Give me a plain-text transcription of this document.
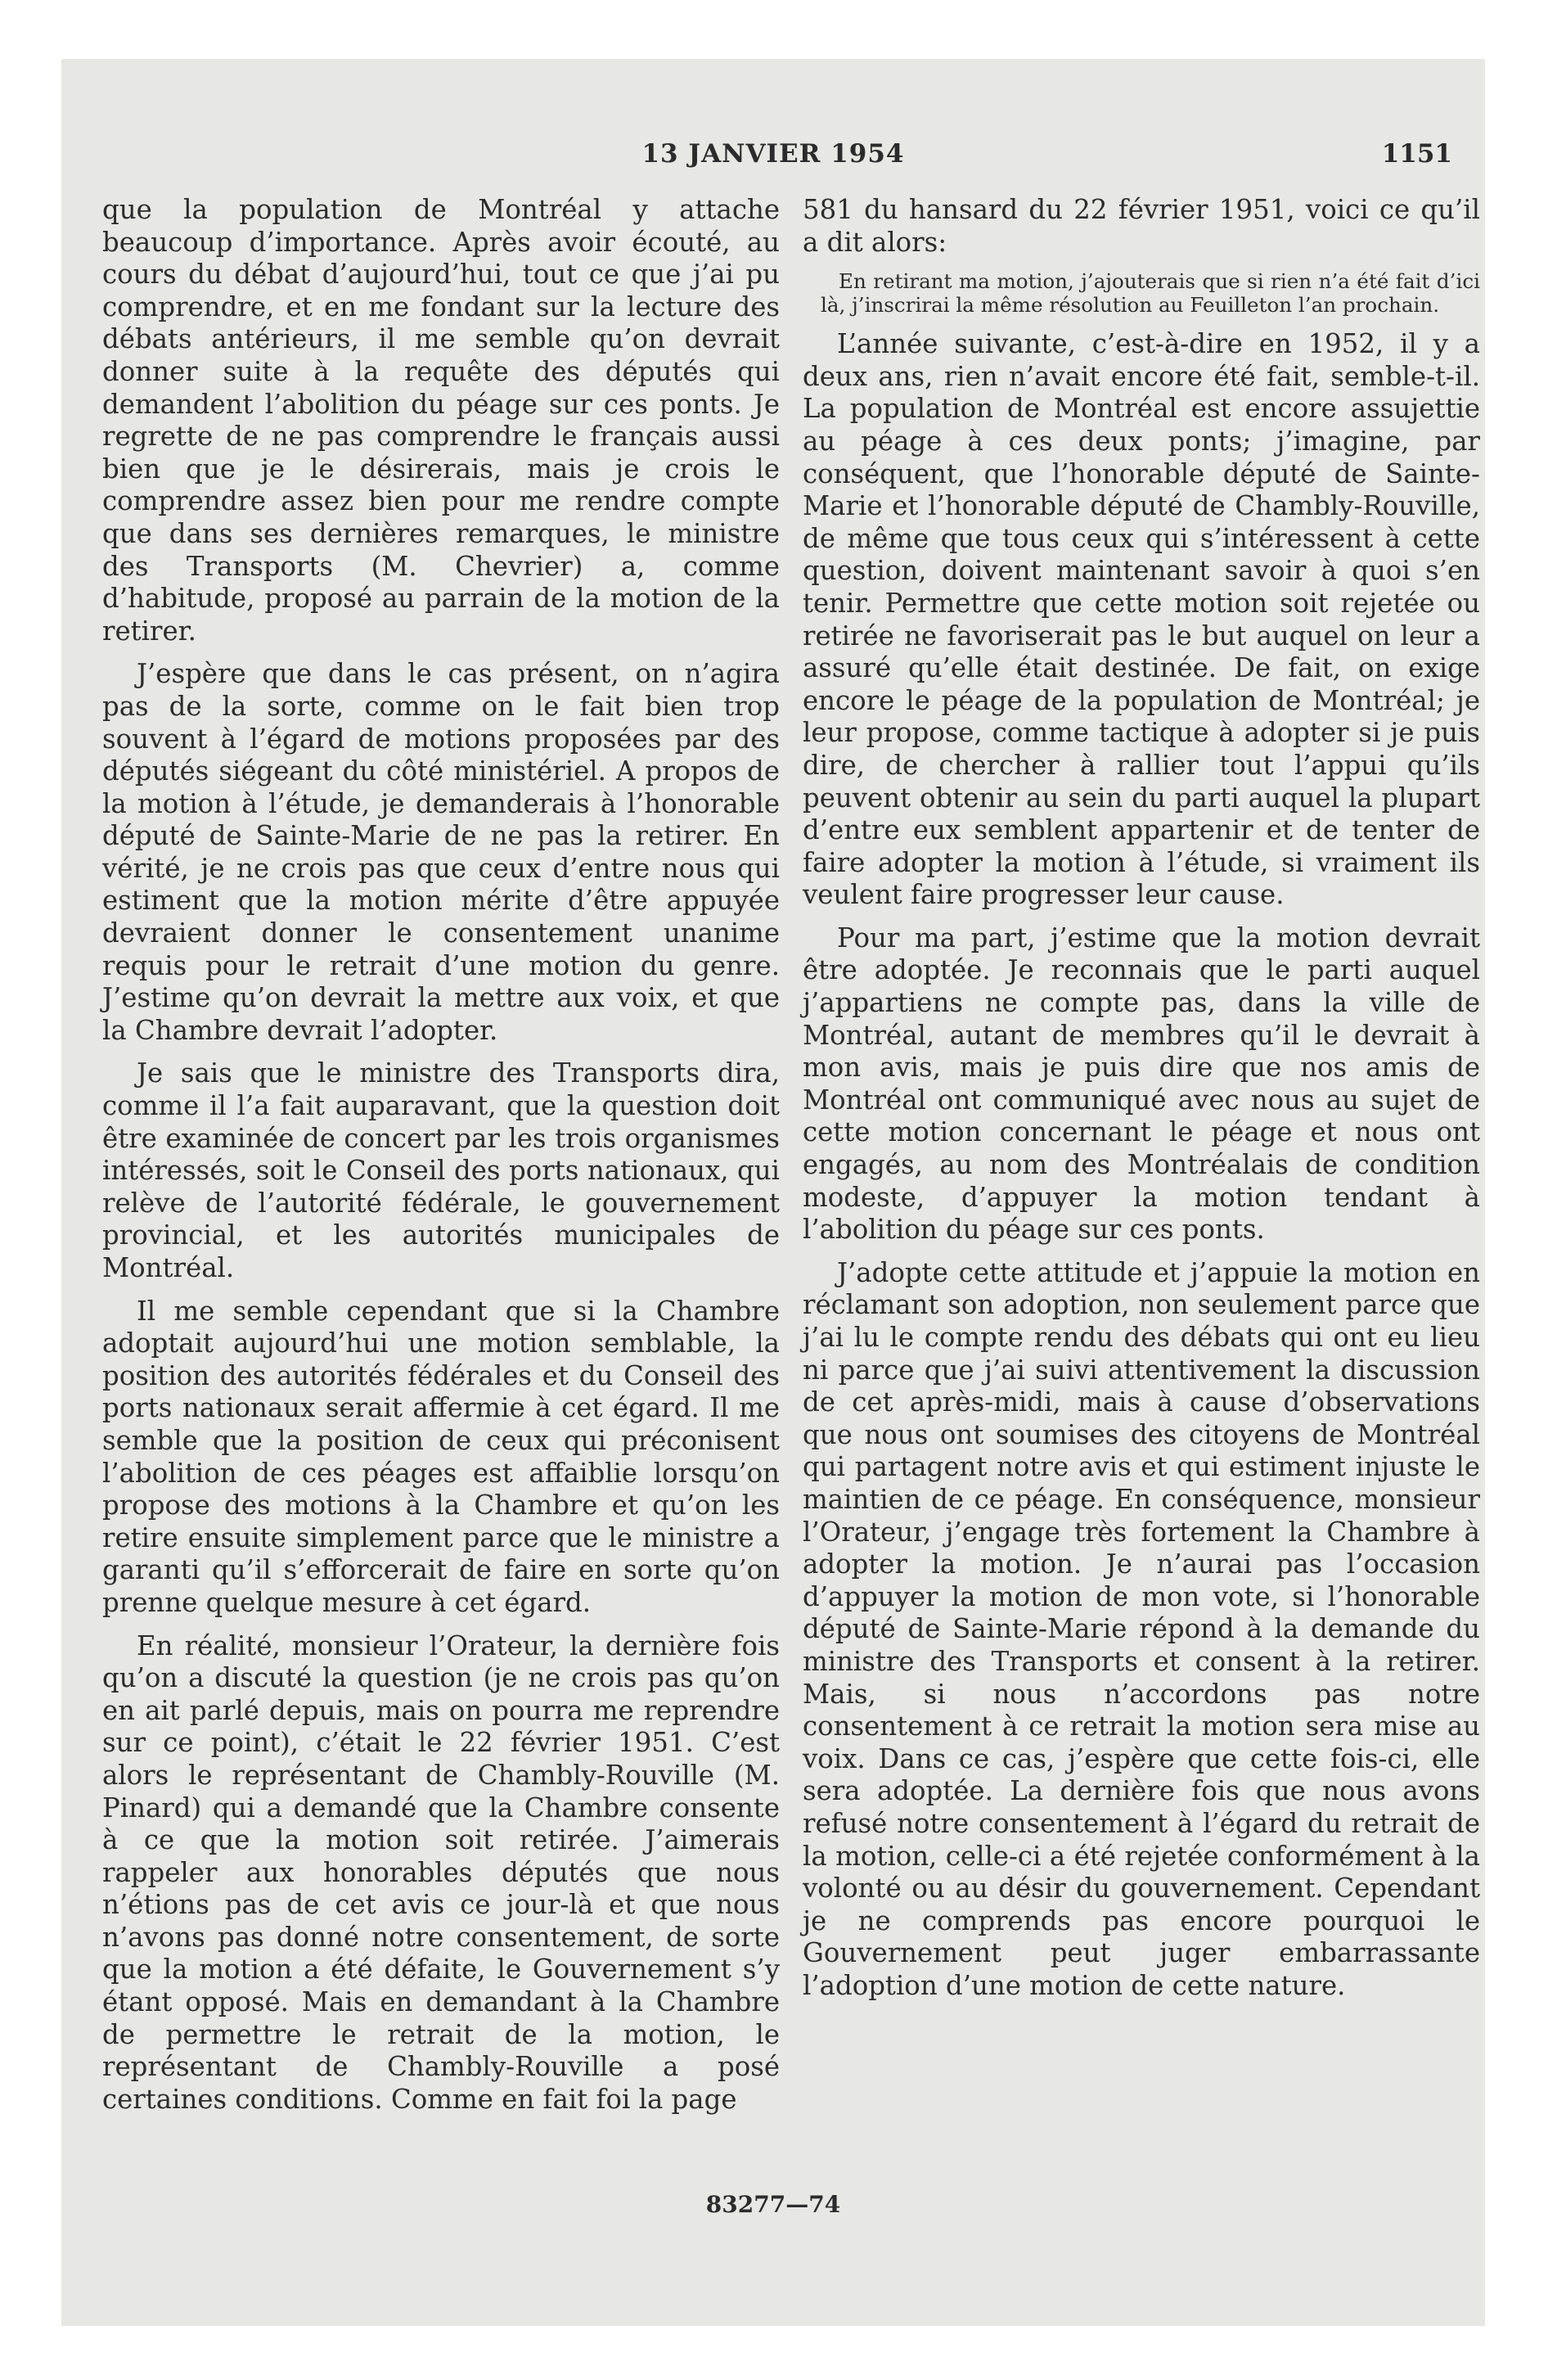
13 JANVIER 1954	1151

que la population de Montréal y attache beaucoup d’importance. Après avoir écouté, au cours du débat d’aujourd’hui, tout ce que j’ai pu comprendre, et en me fondant sur la lecture des débats antérieurs, il me semble qu’on devrait donner suite à la requête des députés qui demandent l’abolition du péage sur ces ponts. Je regrette de ne pas comprendre le français aussi bien que je le désirerais, mais je crois le comprendre assez bien pour me rendre compte que dans ses dernières remarques, le ministre des Transports (M. Chevrier) a, comme d’habitude, proposé au parrain de la motion de la retirer.

J’espère que dans le cas présent, on n’agira pas de la sorte, comme on le fait bien trop souvent à l’égard de motions proposées par des députés siégeant du côté ministériel. A propos de la motion à l’étude, je demanderais à l’honorable député de Sainte-Marie de ne pas la retirer. En vérité, je ne crois pas que ceux d’entre nous qui estiment que la motion mérite d’être appuyée devraient donner le consentement unanime requis pour le retrait d’une motion du genre. J’estime qu’on devrait la mettre aux voix, et que la Chambre devrait l’adopter.

Je sais que le ministre des Transports dira, comme il l’a fait auparavant, que la question doit être examinée de concert par les trois organismes intéressés, soit le Conseil des ports nationaux, qui relève de l’autorité fédérale, le gouvernement provincial, et les autorités municipales de Montréal.

Il me semble cependant que si la Chambre adoptait aujourd’hui une motion semblable, la position des autorités fédérales et du Conseil des ports nationaux serait affermie à cet égard. Il me semble que la position de ceux qui préconisent l’abolition de ces péages est affaiblie lorsqu’on propose des motions à la Chambre et qu’on les retire ensuite simplement parce que le ministre a garanti qu’il s’efforcerait de faire en sorte qu’on prenne quelque mesure à cet égard.

En réalité, monsieur l’Orateur, la dernière fois qu’on a discuté la question (je ne crois pas qu’on en ait parlé depuis, mais on pourra me reprendre sur ce point), c’était le 22 février 1951. C’est alors le représentant de Chambly-Rouville (M. Pinard) qui a demandé que la Chambre consente à ce que la motion soit retirée. J’aimerais rappeler aux honorables députés que nous n’étions pas de cet avis ce jour-là et que nous n’avons pas donné notre consentement, de sorte que la motion a été défaite, le Gouvernement s’y étant opposé. Mais en demandant à la Chambre de permettre le retrait de la motion, le représentant de Chambly-Rouville a posé certaines conditions. Comme en fait foi la page

581 du hansard du 22 février 1951, voici ce qu’il a dit alors:

En retirant ma motion, j’ajouterais que si rien n’a été fait d’ici là, j’inscrirai la même résolution au Feuilleton l’an prochain.

L’année suivante, c’est-à-dire en 1952, il y a deux ans, rien n’avait encore été fait, semble-t-il. La population de Montréal est encore assujettie au péage à ces deux ponts; j’imagine, par conséquent, que l’honorable député de Sainte-Marie et l’honorable député de Chambly-Rouville, de même que tous ceux qui s’intéressent à cette question, doivent maintenant savoir à quoi s’en tenir. Permettre que cette motion soit rejetée ou retirée ne favoriserait pas le but auquel on leur a assuré qu’elle était destinée. De fait, on exige encore le péage de la population de Montréal; je leur propose, comme tactique à adopter si je puis dire, de chercher à rallier tout l’appui qu’ils peuvent obtenir au sein du parti auquel la plupart d’entre eux semblent appartenir et de tenter de faire adopter la motion à l’étude, si vraiment ils veulent faire progresser leur cause.

Pour ma part, j’estime que la motion devrait être adoptée. Je reconnais que le parti auquel j’appartiens ne compte pas, dans la ville de Montréal, autant de membres qu’il le devrait à mon avis, mais je puis dire que nos amis de Montréal ont communiqué avec nous au sujet de cette motion concernant le péage et nous ont engagés, au nom des Montréalais de condition modeste, d’appuyer la motion tendant à l’abolition du péage sur ces ponts.

J’adopte cette attitude et j’appuie la motion en réclamant son adoption, non seulement parce que j’ai lu le compte rendu des débats qui ont eu lieu ni parce que j’ai suivi attentivement la discussion de cet après-midi, mais à cause d’observations que nous ont soumises des citoyens de Montréal qui partagent notre avis et qui estiment injuste le maintien de ce péage. En conséquence, monsieur l’Orateur, j’engage très fortement la Chambre à adopter la motion. Je n’aurai pas l’occasion d’appuyer la motion de mon vote, si l’honorable député de Sainte-Marie répond à la demande du ministre des Transports et consent à la retirer. Mais, si nous n’accordons pas notre consentement à ce retrait la motion sera mise au voix. Dans ce cas, j’espère que cette fois-ci, elle sera adoptée. La dernière fois que nous avons refusé notre consentement à l’égard du retrait de la motion, celle-ci a été rejetée conformément à la volonté ou au désir du gouvernement. Cependant je ne comprends pas encore pourquoi le Gouvernement peut juger embarrassante l’adoption d’une motion de cette nature.

83277—74
